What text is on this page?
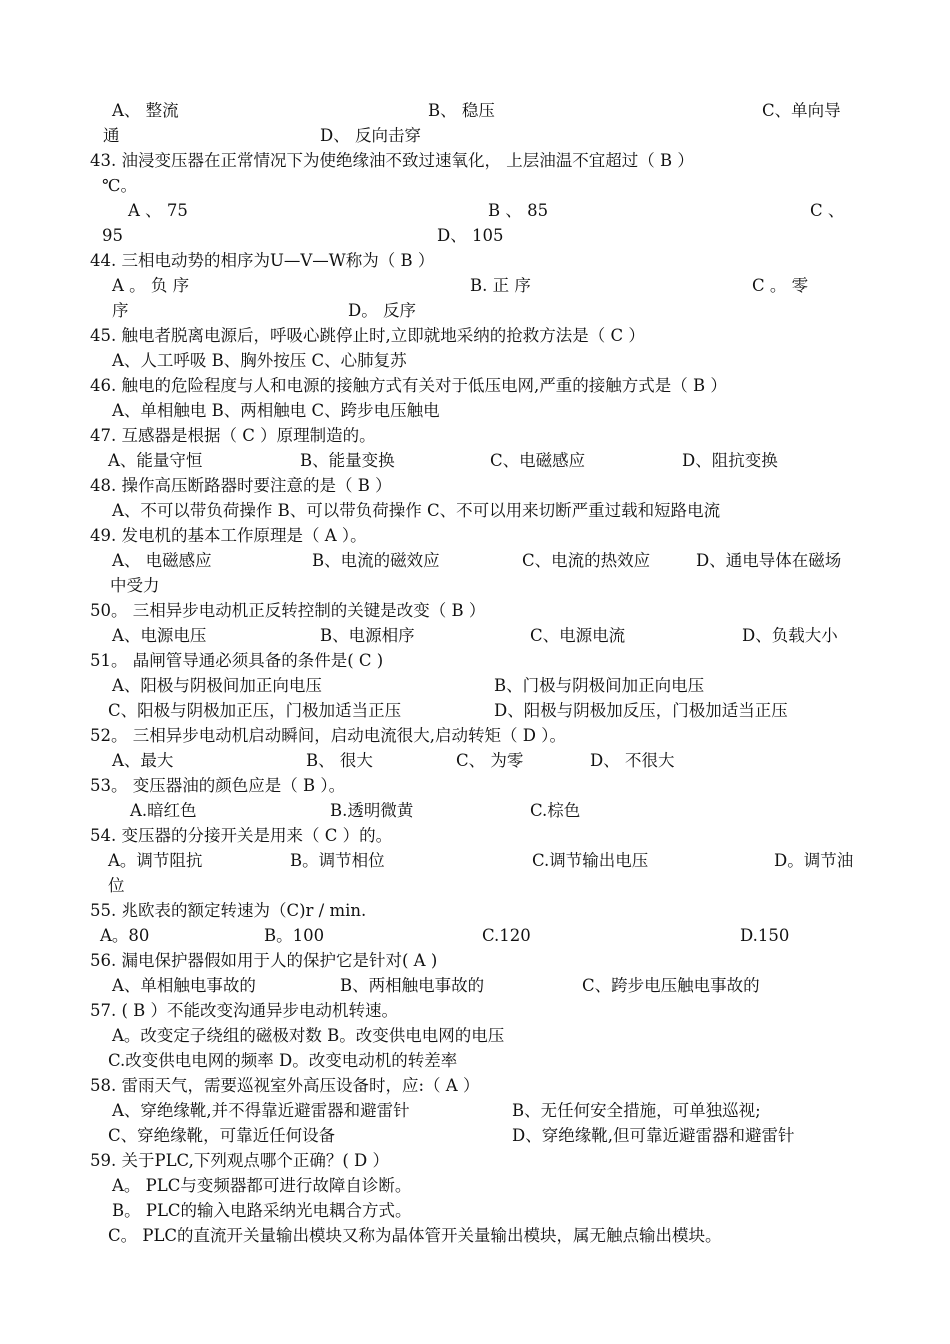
A、 整流	B、 稳压	C、单向导
通	D、 反向击穿
43. 油浸变压器在正常情况下为使绝缘油不致过速氧化， 上层油温不宜超过（ B ）
℃。
A 、 75	B 、 85	C 、
95	D、 105
44. 三相电动势的相序为U—V—W称为（ B ）
A 。 负 序	B. 正 序	C 。 零
序	D。 反序
45. 触电者脱离电源后，呼吸心跳停止时,立即就地采纳的抢救方法是（ C ）
A、人工呼吸 B、胸外按压 C、心肺复苏
46. 触电的危险程度与人和电源的接触方式有关对于低压电网,严重的接触方式是（ B ）
A、单相触电 B、两相触电 C、跨步电压触电
47. 互感器是根据（ C ）原理制造的。
A、能量守恒	B、能量变换	C、电磁感应	D、阻抗变换
48. 操作高压断路器时要注意的是（ B ）
A、不可以带负荷操作 B、可以带负荷操作 C、不可以用来切断严重过载和短路电流
49. 发电机的基本工作原理是（ A ）。
A、 电磁感应	B、电流的磁效应	C、电流的热效应	D、通电导体在磁场
中受力
50。 三相异步电动机正反转控制的关键是改变（ B ）
A、电源电压	B、电源相序	C、电源电流	D、负载大小
51。 晶闸管导通必须具备的条件是( C )
A、阳极与阴极间加正向电压	B、门极与阴极间加正向电压
C、阳极与阴极加正压，门极加适当正压	D、阳极与阴极加反压，门极加适当正压
52。 三相异步电动机启动瞬间，启动电流很大,启动转矩（ D ）。
A、最大	B、 很大	C、 为零	D、 不很大
53。 变压器油的颜色应是（ B ）。
A.暗红色	B.透明微黄	C.棕色
54. 变压器的分接开关是用来（ C ）的。
A。调节阻抗	B。调节相位	C.调节输出电压	D。调节油
位
55. 兆欧表的额定转速为（C)r / min.
A。80	B。100	C.120	D.150
56. 漏电保护器假如用于人的保护它是针对( A )
A、单相触电事故的	B、两相触电事故的	C、跨步电压触电事故的
57. ( B ）不能改变沟通异步电动机转速。
A。改变定子绕组的磁极对数 B。改变供电电网的电压
C.改变供电电网的频率 D。改变电动机的转差率
58. 雷雨天气，需要巡视室外高压设备时，应:（ A ）
A、穿绝缘靴,并不得靠近避雷器和避雷针	B、无任何安全措施，可单独巡视;
C、穿绝缘靴，可靠近任何设备	D、穿绝缘靴,但可靠近避雷器和避雷针
59. 关于PLC,下列观点哪个正确？( D ）
A。 PLC与变频器都可进行故障自诊断。
B。 PLC的输入电路采纳光电耦合方式。
C。 PLC的直流开关量输出模块又称为晶体管开关量输出模块，属无触点输出模块。
